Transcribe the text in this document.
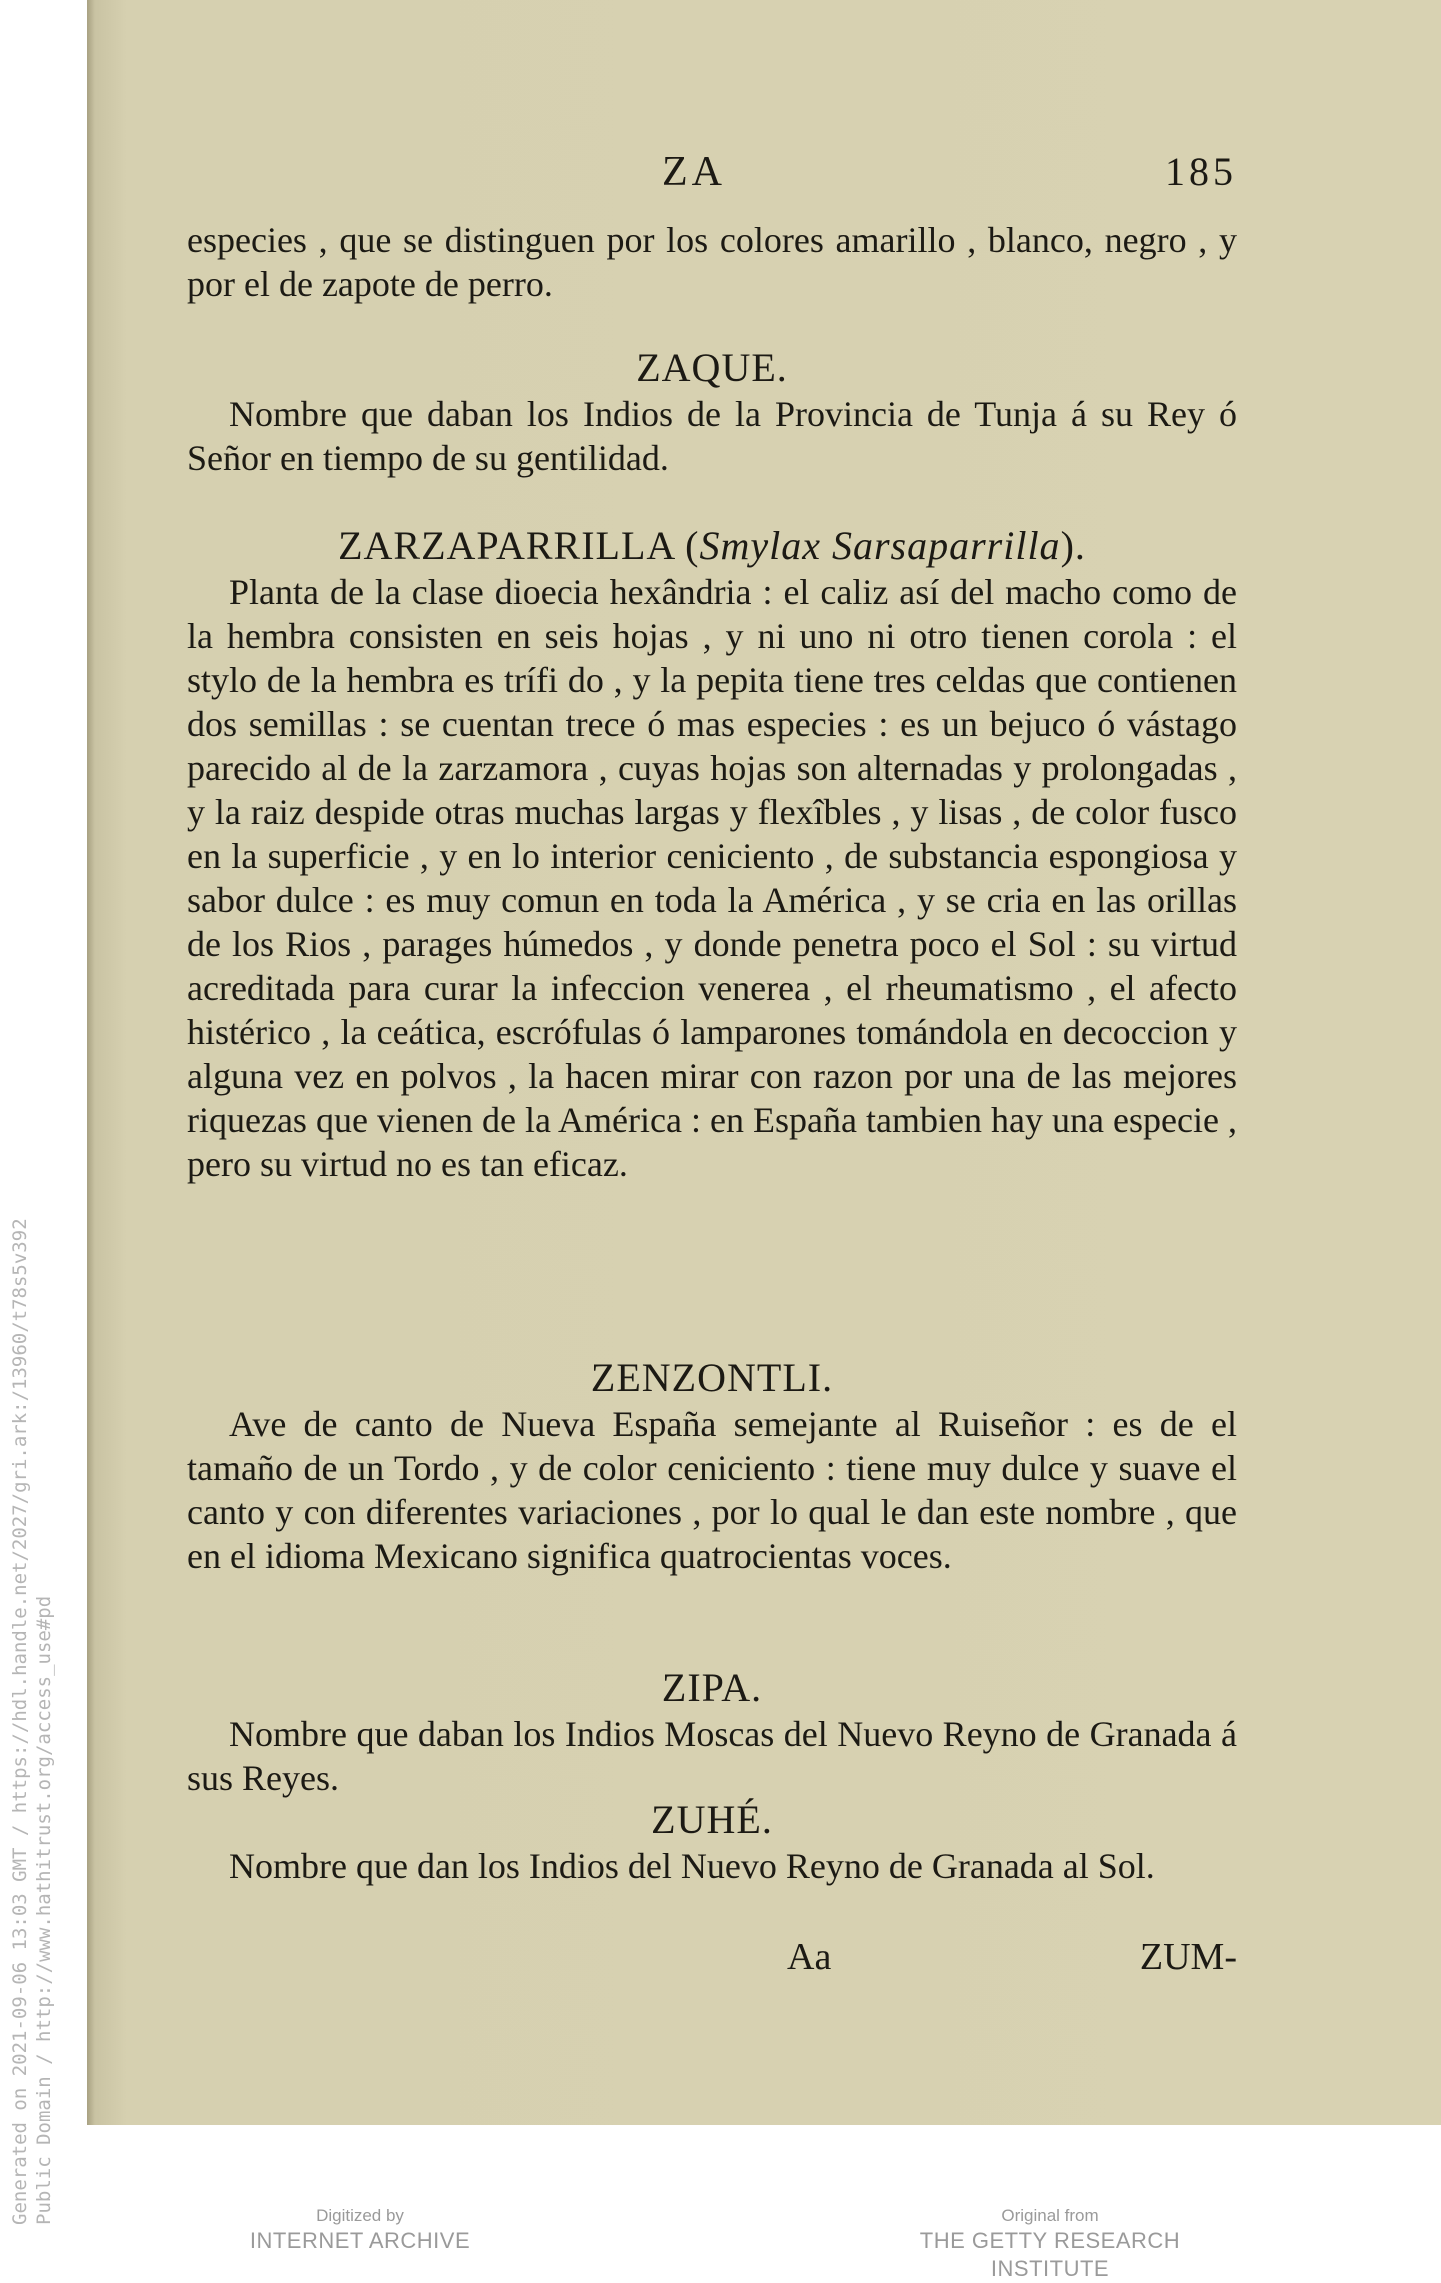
ZA	185

especies , que se distinguen por los colores amarillo , blanco, negro , y por el de zapote de perro.

ZAQUE.

Nombre que daban los Indios de la Provincia de Tunja á su Rey ó Señor en tiempo de su gentilidad.

ZARZAPARRILLA (Smylax Sarsaparrilla).

Planta de la clase dioecia hexândria : el caliz así del macho como de la hembra consisten en seis hojas , y ni uno ni otro tienen corola : el stylo de la hembra es trífi do , y la pepita tiene tres celdas que contienen dos semillas : se cuentan trece ó mas especies : es un bejuco ó vástago parecido al de la zarzamora , cuyas hojas son alternadas y prolongadas , y la raiz despide otras muchas largas y flexîbles , y lisas , de color fusco en la superficie , y en lo interior ceniciento , de substancia espongiosa y sabor dulce : es muy comun en toda la América , y se cria en las orillas de los Rios , parages húmedos , y donde penetra poco el Sol : su virtud acreditada para curar la infeccion venerea , el rheumatismo , el afecto histérico , la ceática, escrófulas ó lamparones tomándola en decoccion y alguna vez en polvos , la hacen mirar con razon por una de las mejores riquezas que vienen de la América : en España tambien hay una especie , pero su virtud no es tan eficaz.

ZENZONTLI.

Ave de canto de Nueva España semejante al Ruiseñor : es de el tamaño de un Tordo , y de color ceniciento : tiene muy dulce y suave el canto y con diferentes variaciones , por lo qual le dan este nombre , que en el idioma Mexicano significa quatrocientas voces.

ZIPA.

Nombre que daban los Indios Moscas del Nuevo Reyno de Granada á sus Reyes.

ZUHÉ.

Nombre que dan los Indios del Nuevo Reyno de Granada al Sol.

Aa	ZUM-
Generated on 2021-09-06 13:03 GMT / https://hdl.handle.net/2027/gri.ark:/13960/t78s5v392 Public Domain / http://www.hathitrust.org/access_use#pd	Digitized by
INTERNET ARCHIVE
Original from
THE GETTY RESEARCH INSTITUTE
